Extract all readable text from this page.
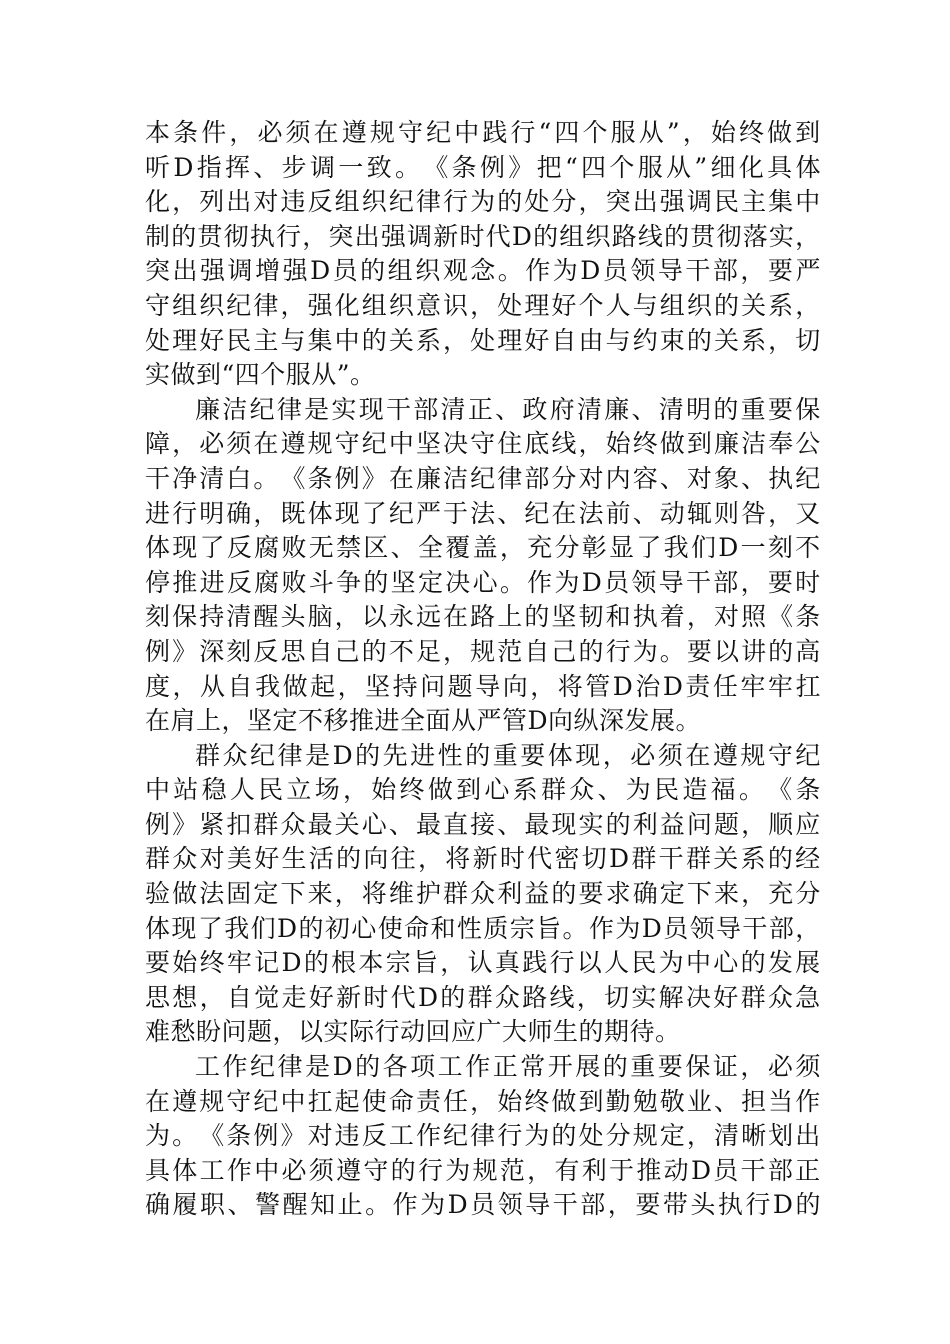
本 条 件 ， 必 须 在 遵 规 守 纪 中 践 行 “ 四 个 服 从 ” ， 始 终 做 到
听 D 指 挥 、 步 调 一 致 。 《 条 例 》 把 “ 四 个 服 从 ” 细 化 具 体
化 ， 列 出 对 违 反 组 织 纪 律 行 为 的 处 分 ， 突 出 强 调 民 主 集 中
制 的 贯 彻 执 行 ， 突 出 强 调 新 时 代 D 的 组 织 路 线 的 贯 彻 落 实 ，
突 出 强 调 增 强 D 员 的 组 织 观 念 。 作 为 D 员 领 导 干 部 ， 要 严
守 组 织 纪 律 ， 强 化 组 织 意 识 ， 处 理 好 个 人 与 组 织 的 关 系 ，
处 理 好 民 主 与 集 中 的 关 系 ， 处 理 好 自 由 与 约 束 的 关 系 ， 切
实做到“四个服从”。
廉 洁 纪 律 是 实 现 干 部 清 正 、 政 府 清 廉 、 清 明 的 重 要 保
障 ， 必 须 在 遵 规 守 纪 中 坚 决 守 住 底 线 ， 始 终 做 到 廉 洁 奉 公
干 净 清 白 。 《 条 例 》 在 廉 洁 纪 律 部 分 对 内 容 、 对 象 、 执 纪
进 行 明 确 ， 既 体 现 了 纪 严 于 法 、 纪 在 法 前 、 动 辄 则 咎 ， 又
体 现 了 反 腐 败 无 禁 区 、 全 覆 盖 ， 充 分 彰 显 了 我 们 D 一 刻 不
停 推 进 反 腐 败 斗 争 的 坚 定 决 心 。 作 为 D 员 领 导 干 部 ， 要 时
刻 保 持 清 醒 头 脑 ， 以 永 远 在 路 上 的 坚 韧 和 执 着 ， 对 照 《 条
例 》 深 刻 反 思 自 己 的 不 足 ， 规 范 自 己 的 行 为 。 要 以 讲 的 高
度 ， 从 自 我 做 起 ， 坚 持 问 题 导 向 ， 将 管 D 治 D 责 任 牢 牢 扛
在肩上，坚定不移推进全面从严管D向纵深发展。
群 众 纪 律 是 D 的 先 进 性 的 重 要 体 现 ， 必 须 在 遵 规 守 纪
中 站 稳 人 民 立 场 ， 始 终 做 到 心 系 群 众 、 为 民 造 福 。 《 条
例 》 紧 扣 群 众 最 关 心 、 最 直 接 、 最 现 实 的 利 益 问 题 ， 顺 应
群 众 对 美 好 生 活 的 向 往 ， 将 新 时 代 密 切 D 群 干 群 关 系 的 经
验 做 法 固 定 下 来 ， 将 维 护 群 众 利 益 的 要 求 确 定 下 来 ， 充 分
体 现 了 我 们 D 的 初 心 使 命 和 性 质 宗 旨 。 作 为 D 员 领 导 干 部 ，
要 始 终 牢 记 D 的 根 本 宗 旨 ， 认 真 践 行 以 人 民 为 中 心 的 发 展
思 想 ， 自 觉 走 好 新 时 代 D 的 群 众 路 线 ， 切 实 解 决 好 群 众 急
难愁盼问题，以实际行动回应广大师生的期待。
工 作 纪 律 是 D 的 各 项 工 作 正 常 开 展 的 重 要 保 证 ， 必 须
在 遵 规 守 纪 中 扛 起 使 命 责 任 ， 始 终 做 到 勤 勉 敬 业 、 担 当 作
为 。 《 条 例 》 对 违 反 工 作 纪 律 行 为 的 处 分 规 定 ， 清 晰 划 出
具 体 工 作 中 必 须 遵 守 的 行 为 规 范 ， 有 利 于 推 动 D 员 干 部 正
确 履 职 、 警 醒 知 止 。 作 为 D 员 领 导 干 部 ， 要 带 头 执 行 D 的
